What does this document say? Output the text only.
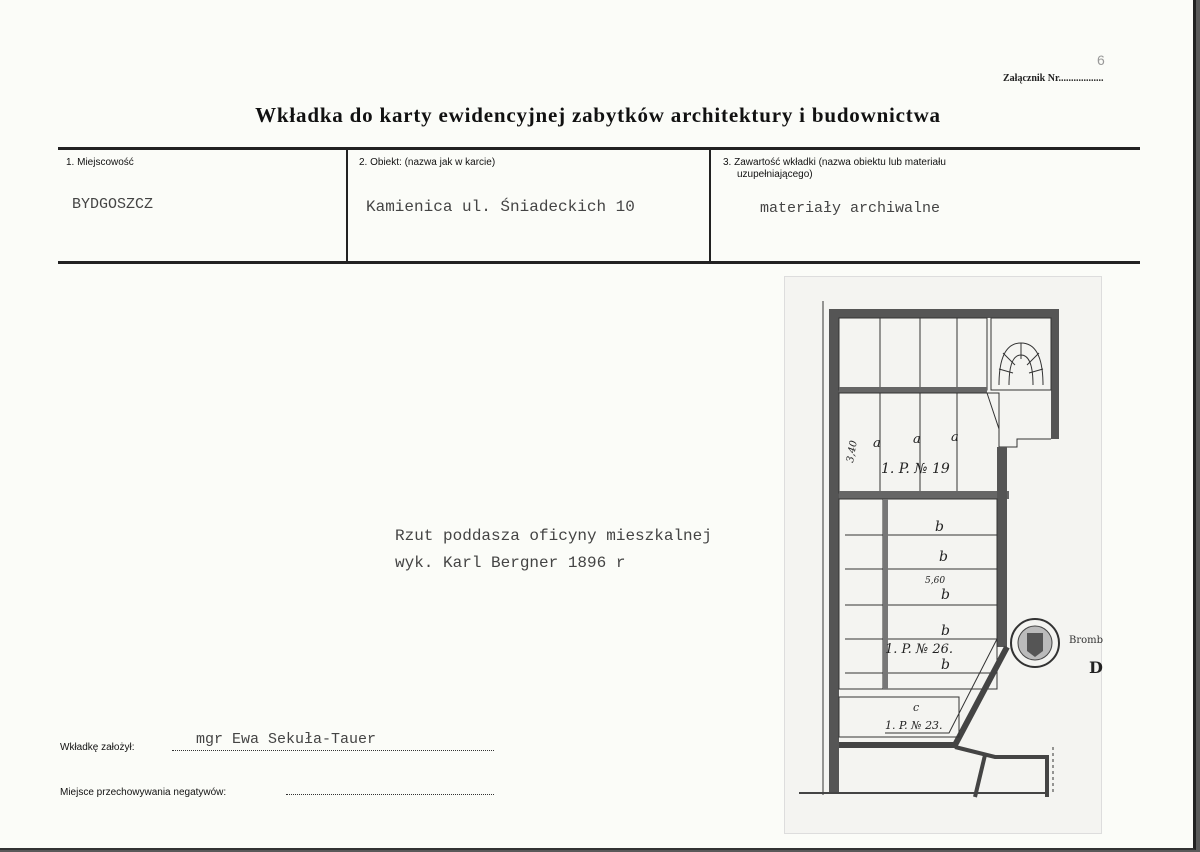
6
Załącznik Nr..................
Wkładka do karty ewidencyjnej zabytków architektury i budownictwa
1. Miejscowość
BYDGOSZCZ
2. Obiekt: (nazwa jak w karcie)
Kamienica ul. Śniadeckich 10
3. Zawartość wkładki (nazwa obiektu lub materiału
uzupełniającego)
materiały archiwalne
Rzut poddasza oficyny mieszkalnej
wyk. Karl Bergner 1896 r
Wkładkę założył:	mgr Ewa Sekuła-Tauer
Miejsce przechowywania negatywów:
3,40 a a a
1. P. № 19
b
b
5,60
b
b
1. P. № 26.
b
c
1. P. № 23.
Bromb
D
